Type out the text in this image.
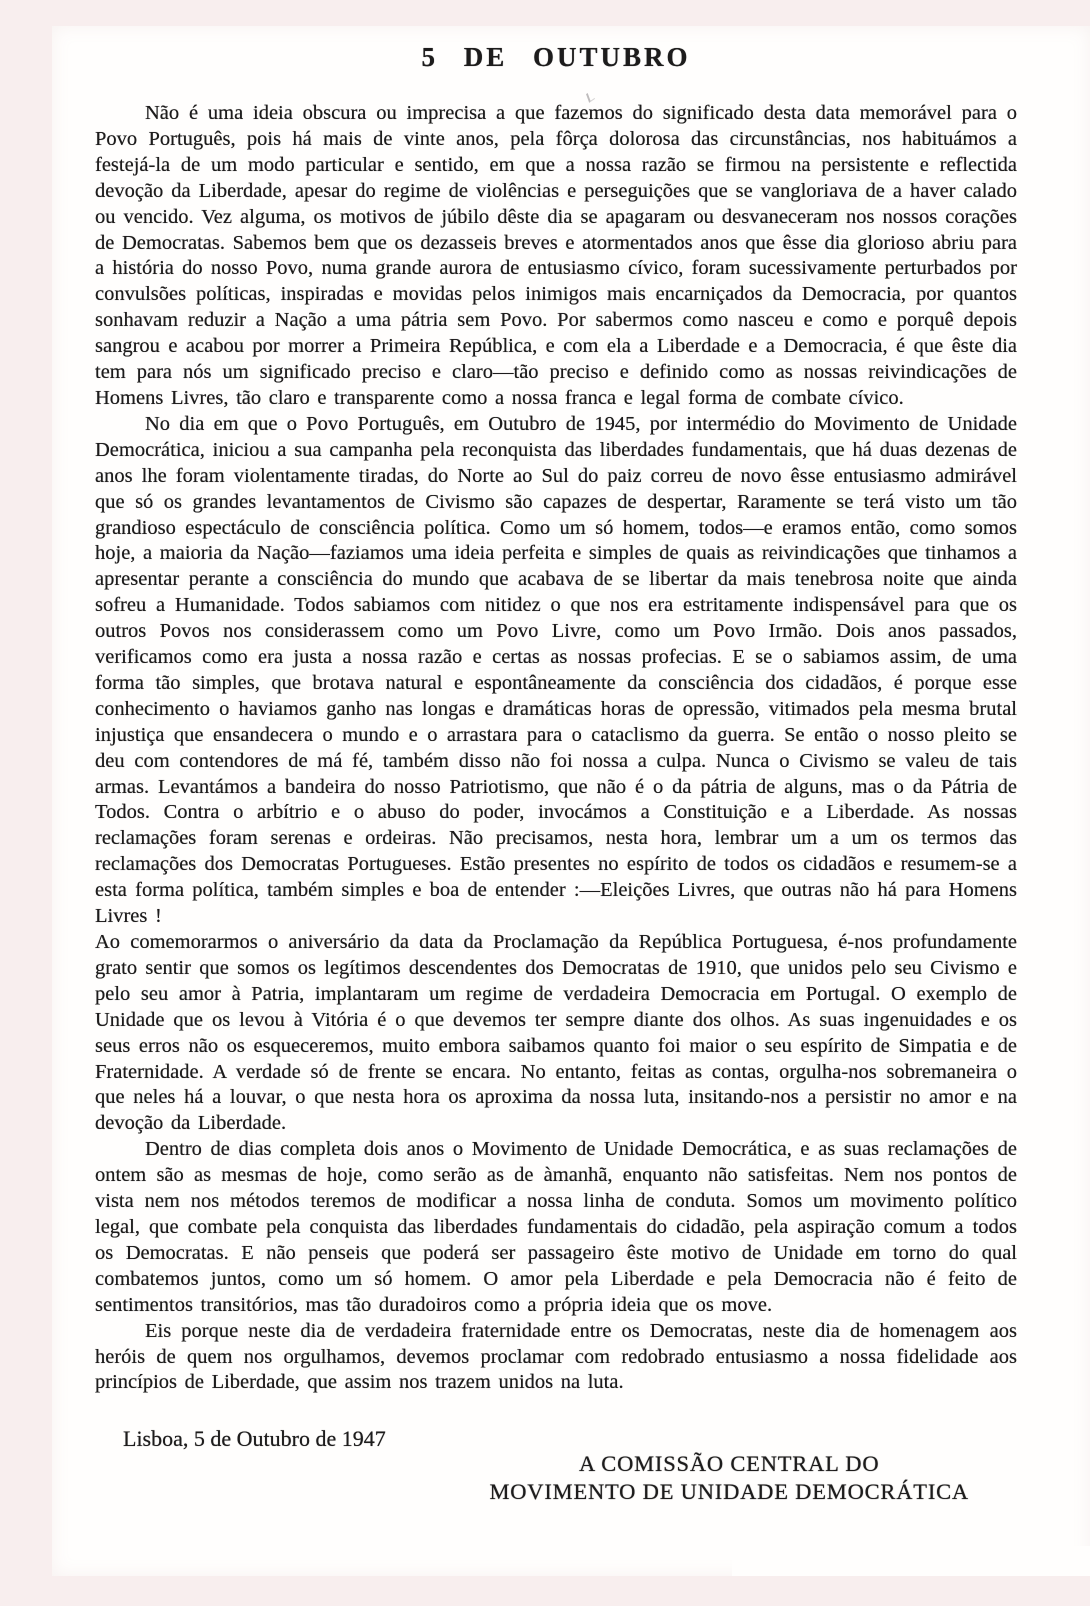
5 DE OUTUBRO

Não é uma ideia obscura ou imprecisa a que fazemos do significado desta data memorável para o Povo Português, pois há mais de vinte anos, pela fôrça dolorosa das circunstâncias, nos habituámos a festejá-la de um modo particular e sentido, em que a nossa razão se firmou na persistente e reflectida devoção da Liberdade, apesar do regime de violências e perseguições que se vangloriava de a haver calado ou vencido. Vez alguma, os motivos de júbilo dêste dia se apagaram ou desvaneceram nos nossos corações de Democratas. Sabemos bem que os dezasseis breves e atormentados anos que êsse dia glorioso abriu para a história do nosso Povo, numa grande aurora de entusiasmo cívico, foram sucessivamente perturbados por convulsões políticas, inspiradas e movidas pelos inimigos mais encarniçados da Democracia, por quantos sonhavam reduzir a Nação a uma pátria sem Povo. Por sabermos como nasceu e como e porquê depois sangrou e acabou por morrer a Primeira República, e com ela a Liberdade e a Democracia, é que êste dia tem para nós um significado preciso e claro—tão preciso e definido como as nossas reivindicações de Homens Livres, tão claro e transparente como a nossa franca e legal forma de combate cívico.

No dia em que o Povo Português, em Outubro de 1945, por intermédio do Movimento de Unidade Democrática, iniciou a sua campanha pela reconquista das liberdades fundamentais, que há duas dezenas de anos lhe foram violentamente tiradas, do Norte ao Sul do paiz correu de novo êsse entusiasmo admirável que só os grandes levantamentos de Civismo são capazes de despertar, Raramente se terá visto um tão grandioso espectáculo de consciência política. Como um só homem, todos—e eramos então, como somos hoje, a maioria da Nação—faziamos uma ideia perfeita e simples de quais as reivindicações que tinhamos a apresentar perante a consciência do mundo que acabava de se libertar da mais tenebrosa noite que ainda sofreu a Humanidade. Todos sabiamos com nitidez o que nos era estritamente indispensável para que os outros Povos nos considerassem como um Povo Livre, como um Povo Irmão. Dois anos passados, verificamos como era justa a nossa razão e certas as nossas profecias. E se o sabiamos assim, de uma forma tão simples, que brotava natural e espontâneamente da consciência dos cidadãos, é porque esse conhecimento o haviamos ganho nas longas e dramáticas horas de opressão, vitimados pela mesma brutal injustiça que ensandecera o mundo e o arrastara para o cataclismo da guerra. Se então o nosso pleito se deu com contendores de má fé, também disso não foi nossa a culpa. Nunca o Civismo se valeu de tais armas. Levantámos a bandeira do nosso Patriotismo, que não é o da pátria de alguns, mas o da Pátria de Todos. Contra o arbítrio e o abuso do poder, invocámos a Constituição e a Liberdade. As nossas reclamações foram serenas e ordeiras. Não precisamos, nesta hora, lembrar um a um os termos das reclamações dos Democratas Portugueses. Estão presentes no espírito de todos os cidadãos e resumem-se a esta forma política, também simples e boa de entender :—Eleições Livres, que outras não há para Homens Livres !

Ao comemorarmos o aniversário da data da Proclamação da República Portuguesa, é-nos profundamente grato sentir que somos os legítimos descendentes dos Democratas de 1910, que unidos pelo seu Civismo e pelo seu amor à Patria, implantaram um regime de verdadeira Democracia em Portugal. O exemplo de Unidade que os levou à Vitória é o que devemos ter sempre diante dos olhos. As suas ingenuidades e os seus erros não os esqueceremos, muito embora saibamos quanto foi maior o seu espírito de Simpatia e de Fraternidade. A verdade só de frente se encara. No entanto, feitas as contas, orgulha-nos sobremaneira o que neles há a louvar, o que nesta hora os aproxima da nossa luta, insitando-nos a persistir no amor e na devoção da Liberdade.

Dentro de dias completa dois anos o Movimento de Unidade Democrática, e as suas reclamações de ontem são as mesmas de hoje, como serão as de àmanhã, enquanto não satisfeitas. Nem nos pontos de vista nem nos métodos teremos de modificar a nossa linha de conduta. Somos um movimento político legal, que combate pela conquista das liberdades fundamentais do cidadão, pela aspiração comum a todos os Democratas. E não penseis que poderá ser passageiro êste motivo de Unidade em torno do qual combatemos juntos, como um só homem. O amor pela Liberdade e pela Democracia não é feito de sentimentos transitórios, mas tão duradoiros como a própria ideia que os move.

Eis porque neste dia de verdadeira fraternidade entre os Democratas, neste dia de homenagem aos heróis de quem nos orgulhamos, devemos proclamar com redobrado entusiasmo a nossa fidelidade aos princípios de Liberdade, que assim nos trazem unidos na luta.

Lisboa, 5 de Outubro de 1947
A COMISSÃO CENTRAL DO
MOVIMENTO DE UNIDADE DEMOCRÁTICA
